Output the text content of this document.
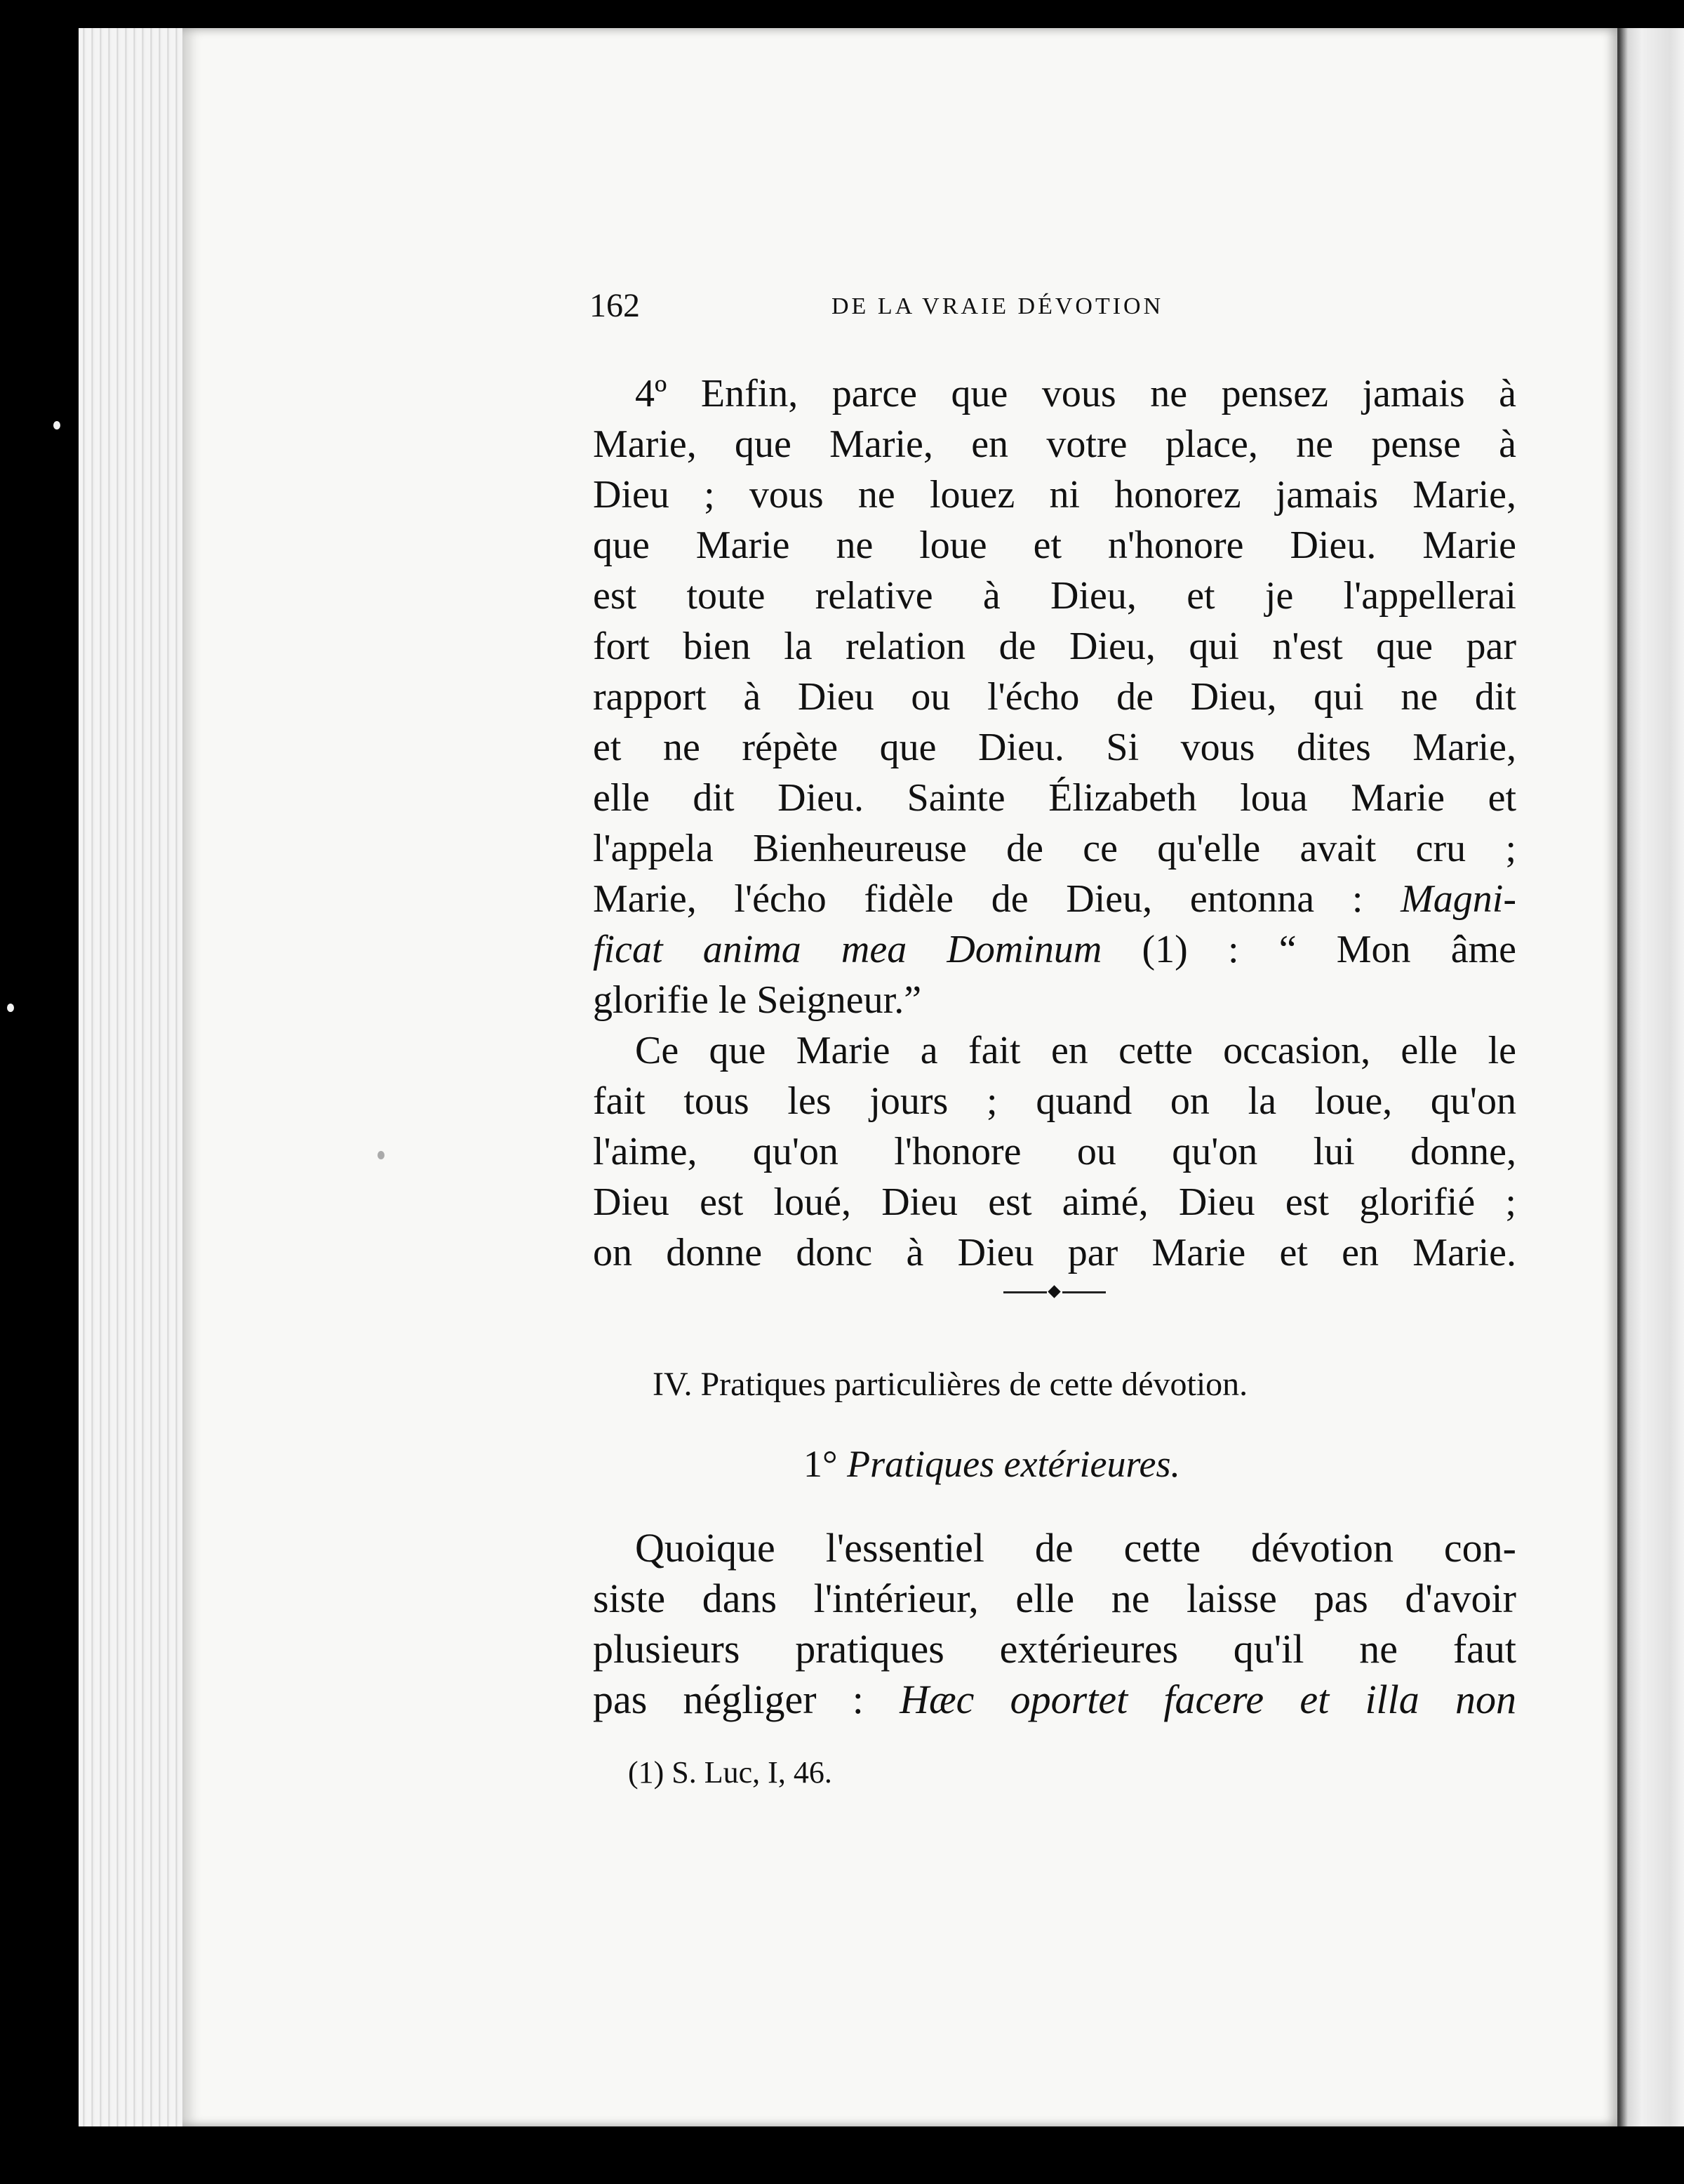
162	DE LA VRAIE DÉVOTION
4º Enfin, parce que vous ne pensez jamais à
Marie, que Marie, en votre place, ne pense à
Dieu ; vous ne louez ni honorez jamais Marie,
que Marie ne loue et n'honore Dieu. Marie
est toute relative à Dieu, et je l'appellerai
fort bien la relation de Dieu, qui n'est que par
rapport à Dieu ou l'écho de Dieu, qui ne dit
et ne répète que Dieu. Si vous dites Marie,
elle dit Dieu. Sainte Élizabeth loua Marie et
l'appela Bienheureuse de ce qu'elle avait cru ;
Marie, l'écho fidèle de Dieu, entonna : Magni-
ficat anima mea Dominum (1) : “ Mon âme
glorifie le Seigneur.”
Ce que Marie a fait en cette occasion, elle le
fait tous les jours ; quand on la loue, qu'on
l'aime, qu'on l'honore ou qu'on lui donne,
Dieu est loué, Dieu est aimé, Dieu est glorifié ;
on donne donc à Dieu par Marie et en Marie.
IV. Pratiques particulières de cette dévotion.
1° Pratiques extérieures.
Quoique l'essentiel de cette dévotion con-
siste dans l'intérieur, elle ne laisse pas d'avoir
plusieurs pratiques extérieures qu'il ne faut
pas négliger : Hæc oportet facere et illa non
(1) S. Luc, I, 46.
